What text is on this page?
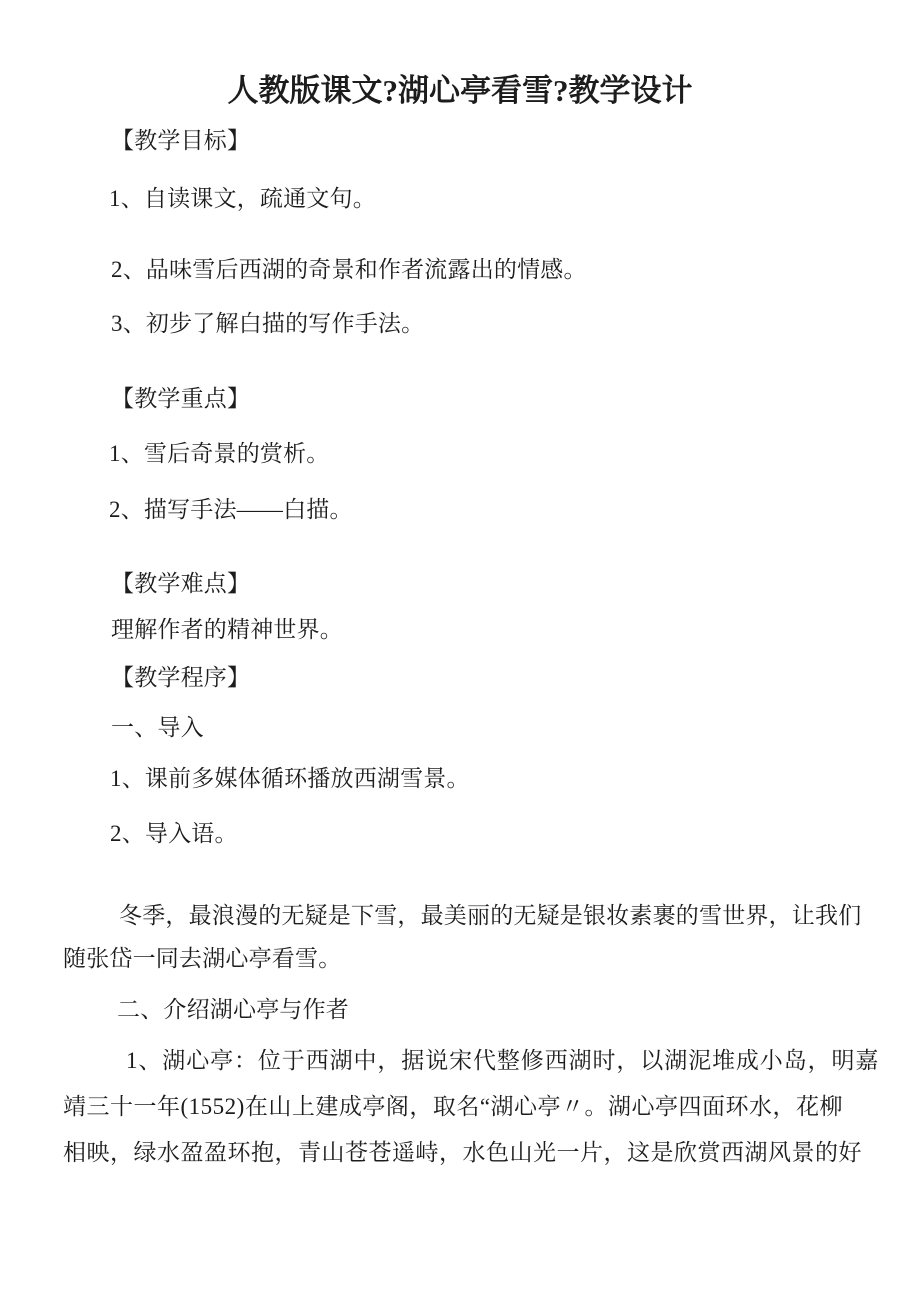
人教版课文?湖心亭看雪?教学设计
【教学目标】
1、自读课文，疏通文句。
2、品味雪后西湖的奇景和作者流露出的情感。
3、初步了解白描的写作手法。
【教学重点】
1、雪后奇景的赏析。
2、描写手法——白描。
【教学难点】
理解作者的精神世界。
【教学程序】
一、导入
1、课前多媒体循环播放西湖雪景。
2、导入语。
冬季，最浪漫的无疑是下雪，最美丽的无疑是银妆素裹的雪世界，让我们
随张岱一同去湖心亭看雪。
二、介绍湖心亭与作者
1、湖心亭：位于西湖中，据说宋代整修西湖时，以湖泥堆成小岛，明嘉
靖三十一年(1552)在山上建成亭阁，取名“湖心亭〃。湖心亭四面环水，花柳
相映，绿水盈盈环抱，青山苍苍遥峙，水色山光一片，这是欣赏西湖风景的好
